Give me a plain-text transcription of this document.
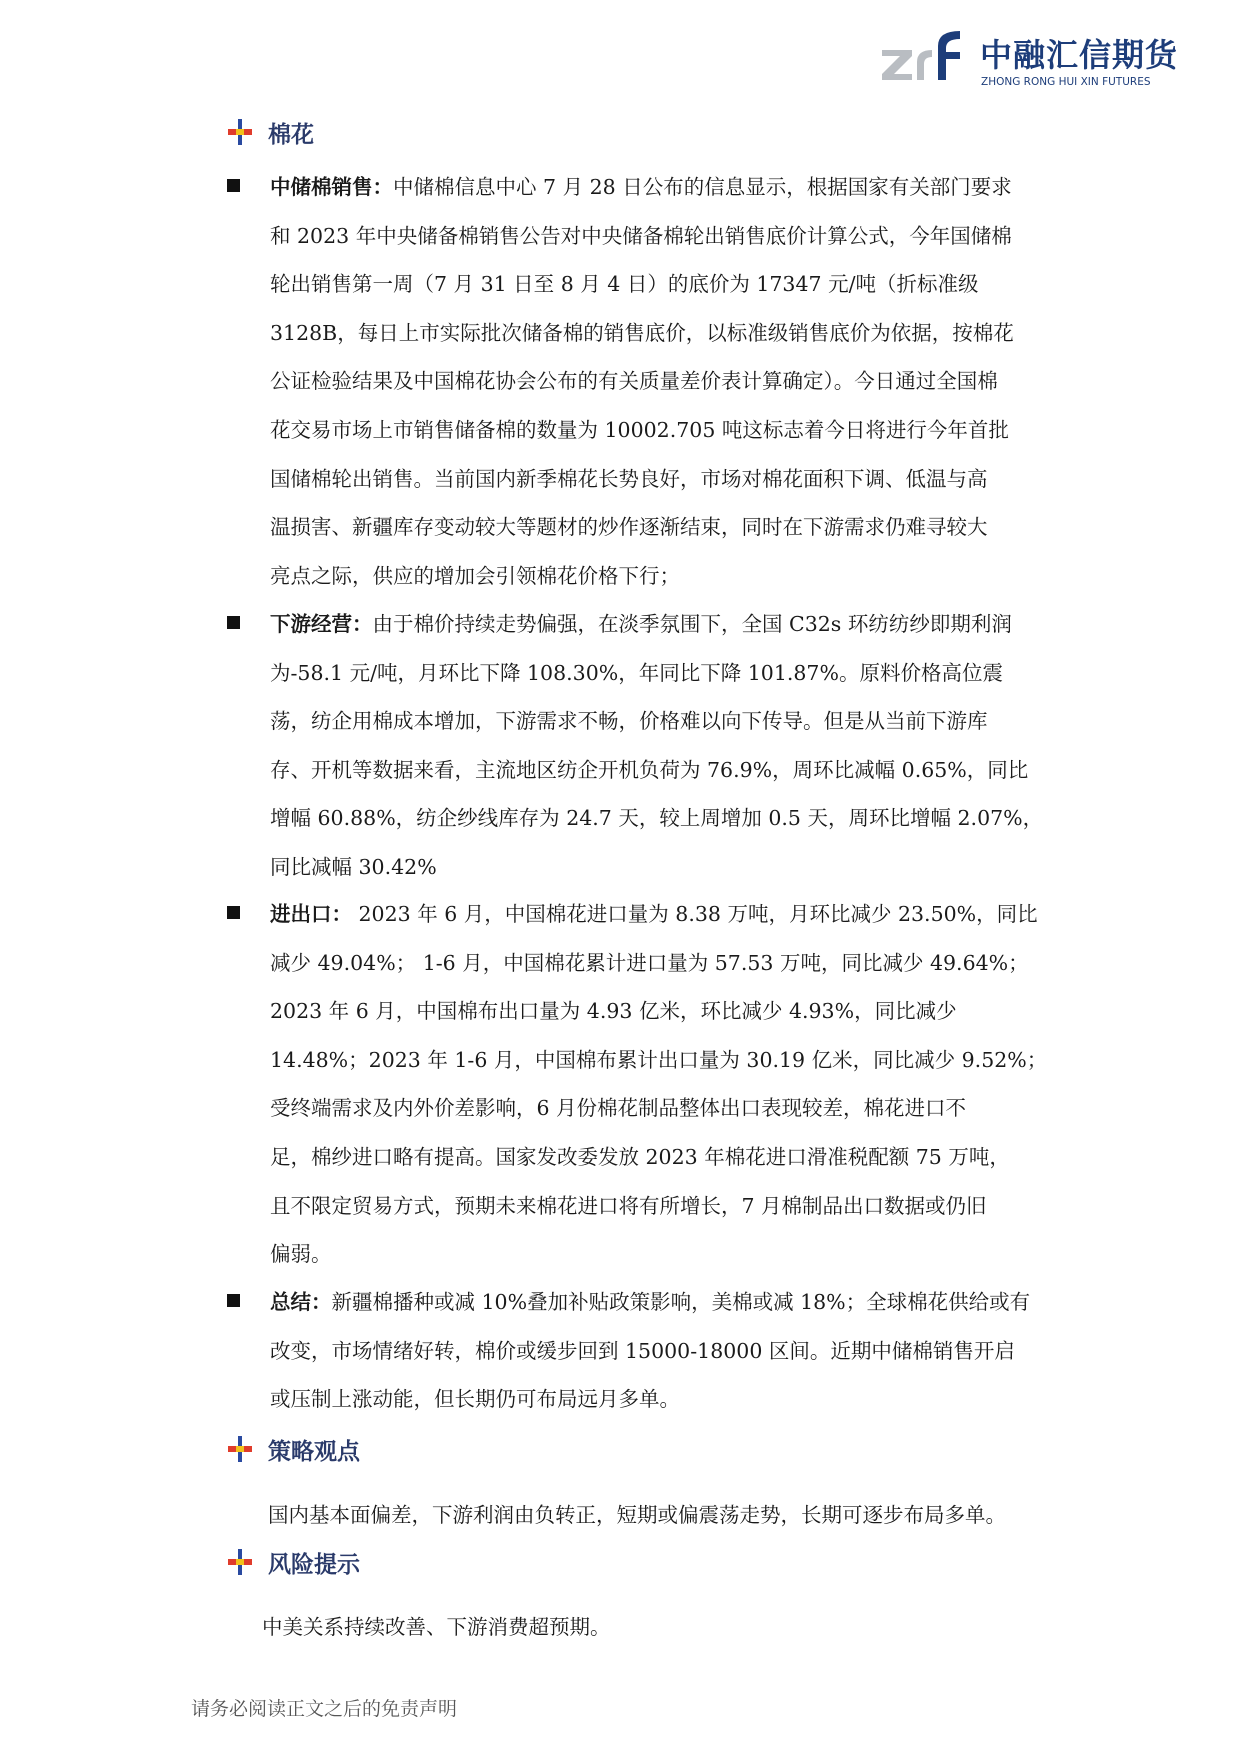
中融汇信期货
ZHONG RONG HUI XIN FUTURES
棉花
中储棉销售：中储棉信息中心 7 月 28 日公布的信息显示，根据国家有关部门要求
和 2023 年中央储备棉销售公告对中央储备棉轮出销售底价计算公式，今年国储棉
轮出销售第一周（7 月 31 日至 8 月 4 日）的底价为 17347 元/吨（折标准级
3128B，每日上市实际批次储备棉的销售底价，以标准级销售底价为依据，按棉花
公证检验结果及中国棉花协会公布的有关质量差价表计算确定）。今日通过全国棉
花交易市场上市销售储备棉的数量为 10002.705 吨这标志着今日将进行今年首批
国储棉轮出销售。当前国内新季棉花长势良好，市场对棉花面积下调、低温与高
温损害、新疆库存变动较大等题材的炒作逐渐结束，同时在下游需求仍难寻较大
亮点之际，供应的增加会引领棉花价格下行；
下游经营：由于棉价持续走势偏强，在淡季氛围下，全国 C32s 环纺纺纱即期利润
为-58.1 元/吨，月环比下降 108.30%，年同比下降 101.87%。原料价格高位震
荡，纺企用棉成本增加，下游需求不畅，价格难以向下传导。但是从当前下游库
存、开机等数据来看，主流地区纺企开机负荷为 76.9%，周环比减幅 0.65%，同比
增幅 60.88%，纺企纱线库存为 24.7 天，较上周增加 0.5 天，周环比增幅 2.07%，
同比减幅 30.42%
进出口： 2023 年 6 月，中国棉花进口量为 8.38 万吨，月环比减少 23.50%，同比
减少 49.04%； 1-6 月，中国棉花累计进口量为 57.53 万吨，同比减少 49.64%；
2023 年 6 月，中国棉布出口量为 4.93 亿米，环比减少 4.93%，同比减少
14.48%；2023 年 1-6 月，中国棉布累计出口量为 30.19 亿米，同比减少 9.52%；
受终端需求及内外价差影响，6 月份棉花制品整体出口表现较差，棉花进口不
足，棉纱进口略有提高。国家发改委发放 2023 年棉花进口滑准税配额 75 万吨，
且不限定贸易方式，预期未来棉花进口将有所增长，7 月棉制品出口数据或仍旧
偏弱。
总结：新疆棉播种或减 10%叠加补贴政策影响，美棉或减 18%；全球棉花供给或有
改变，市场情绪好转，棉价或缓步回到 15000-18000 区间。近期中储棉销售开启
或压制上涨动能，但长期仍可布局远月多单。
策略观点
国内基本面偏差，下游利润由负转正，短期或偏震荡走势，长期可逐步布局多单。
风险提示
中美关系持续改善、下游消费超预期。
请务必阅读正文之后的免责声明
